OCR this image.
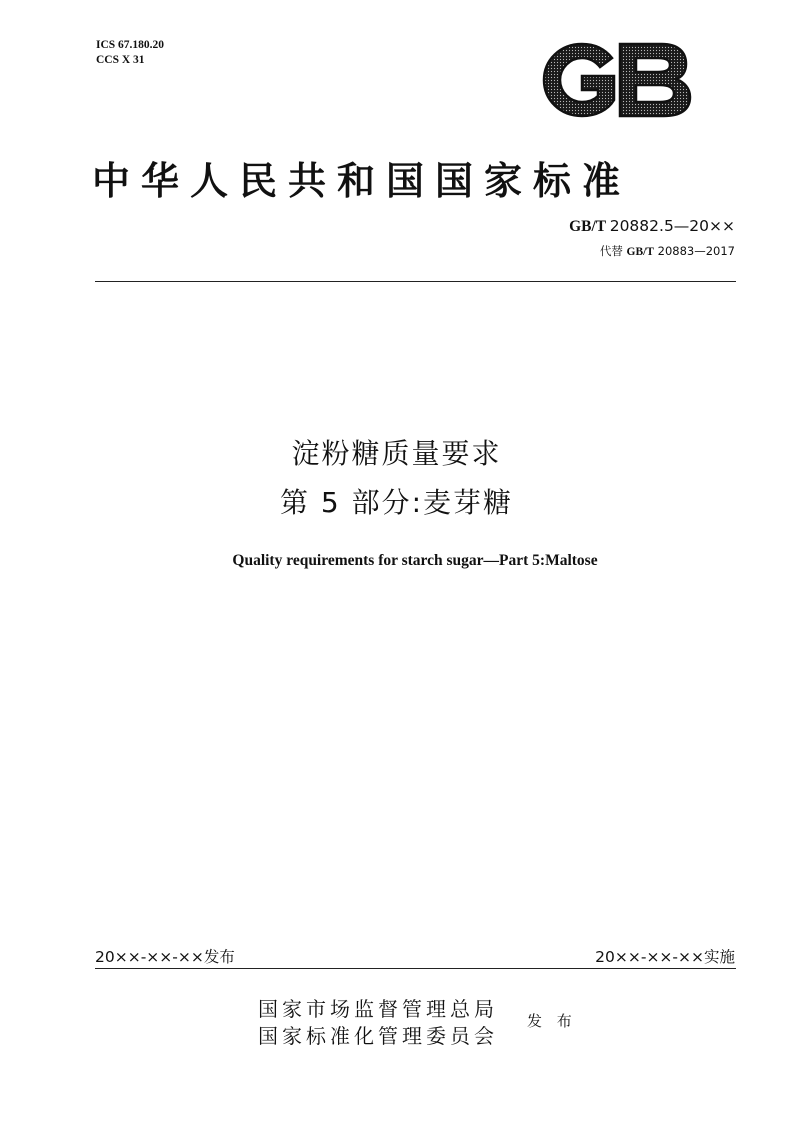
ICS 67.180.20
CCS X 31
中华人民共和国国家标准
GB/T 20882.5—20××
代替 GB/T 20883—2017
淀粉糖质量要求
第 5 部分:麦芽糖
Quality requirements for starch sugar—Part 5:Maltose
20××-××-××发布	20××-××-××实施
国家市场监督管理总局
国家标准化管理委员会
发 布
